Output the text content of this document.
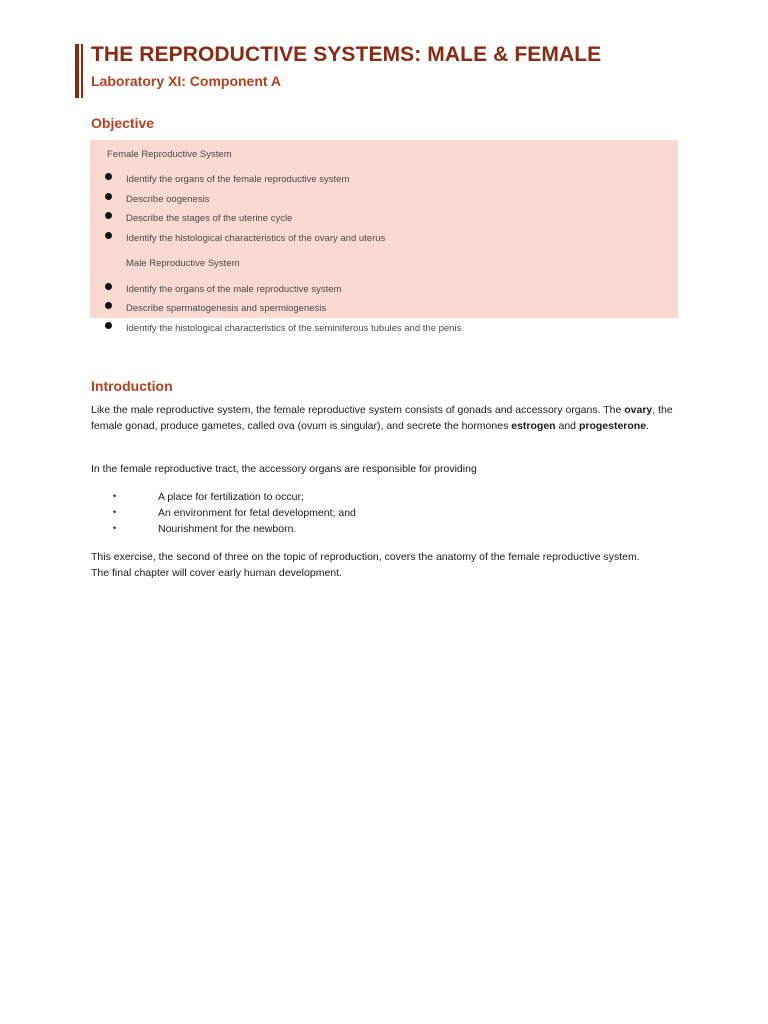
THE REPRODUCTIVE SYSTEMS: MALE & FEMALE
Laboratory XI: Component A
Objective
Female Reproductive System
Identify the organs of the female reproductive system
Describe oogenesis
Describe the stages of the uterine cycle
Identify the histological characteristics of the ovary and uterus
Male Reproductive System
Identify the organs of the male reproductive system
Describe spermatogenesis and spermiogenesis
Identify the histological characteristics of the seminiferous tubules and the penis
Introduction

Like the male reproductive system, the female reproductive system consists of gonads and accessory organs. The ovary, the female gonad, produce gametes, called ova (ovum is singular), and secrete the hormones estrogen and progesterone.

In the female reproductive tract, the accessory organs are responsible for providing

•	A place for fertilization to occur;
•	An environment for fetal development; and
•	Nourishment for the newborn.

This exercise, the second of three on the topic of reproduction, covers the anatomy of the female reproductive system. The final chapter will cover early human development.
